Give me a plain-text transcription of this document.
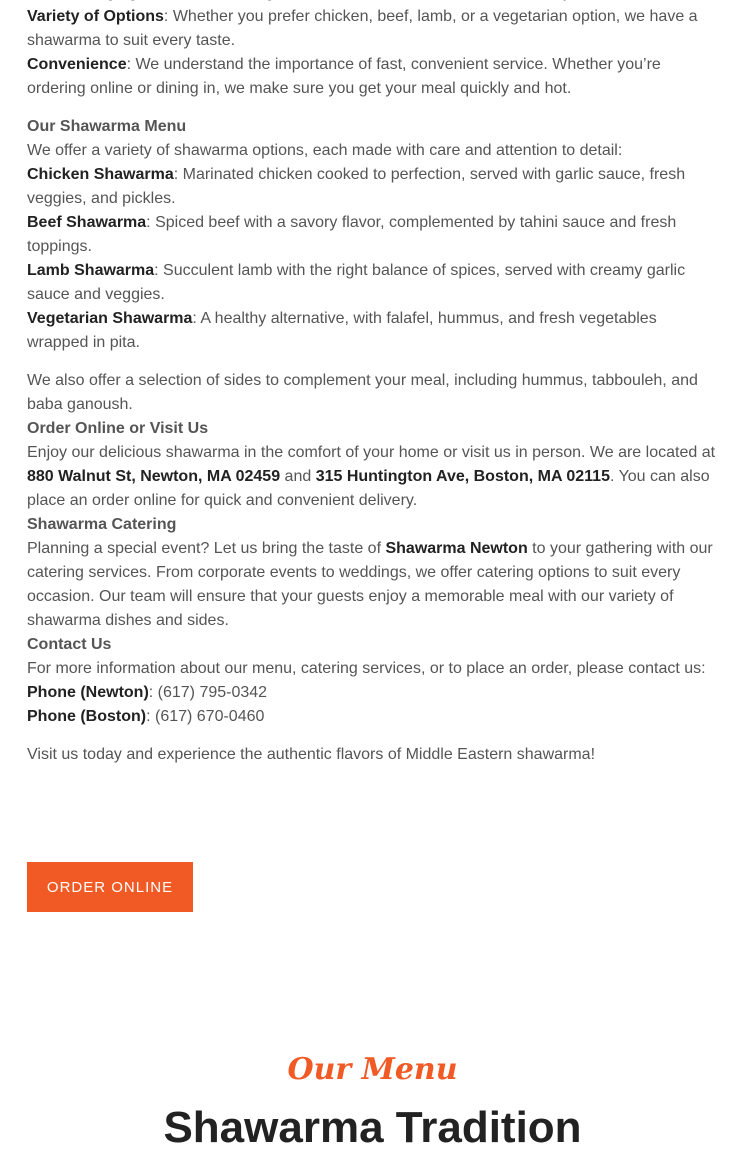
Variety of Options: Whether you prefer chicken, beef, lamb, or a vegetarian option, we have a shawarma to suit every taste.

Convenience: We understand the importance of fast, convenient service. Whether you’re ordering online or dining in, we make sure you get your meal quickly and hot.

Our Shawarma Menu

We offer a variety of shawarma options, each made with care and attention to detail:

Chicken Shawarma: Marinated chicken cooked to perfection, served with garlic sauce, fresh veggies, and pickles.

Beef Shawarma: Spiced beef with a savory flavor, complemented by tahini sauce and fresh toppings.

Lamb Shawarma: Succulent lamb with the right balance of spices, served with creamy garlic sauce and veggies.

Vegetarian Shawarma: A healthy alternative, with falafel, hummus, and fresh vegetables wrapped in pita.

We also offer a selection of sides to complement your meal, including hummus, tabbouleh, and baba ganoush.

Order Online or Visit Us

Enjoy our delicious shawarma in the comfort of your home or visit us in person. We are located at 880 Walnut St, Newton, MA 02459 and 315 Huntington Ave, Boston, MA 02115. You can also place an order online for quick and convenient delivery.

Shawarma Catering

Planning a special event? Let us bring the taste of Shawarma Newton to your gathering with our catering services. From corporate events to weddings, we offer catering options to suit every occasion. Our team will ensure that your guests enjoy a memorable meal with our variety of shawarma dishes and sides.

Contact Us

For more information about our menu, catering services, or to place an order, please contact us:

Phone (Newton): (617) 795-0342

Phone (Boston): (617) 670-0460

Visit us today and experience the authentic flavors of Middle Eastern shawarma!

ORDER ONLINE
Our Menu
Shawarma Tradition
